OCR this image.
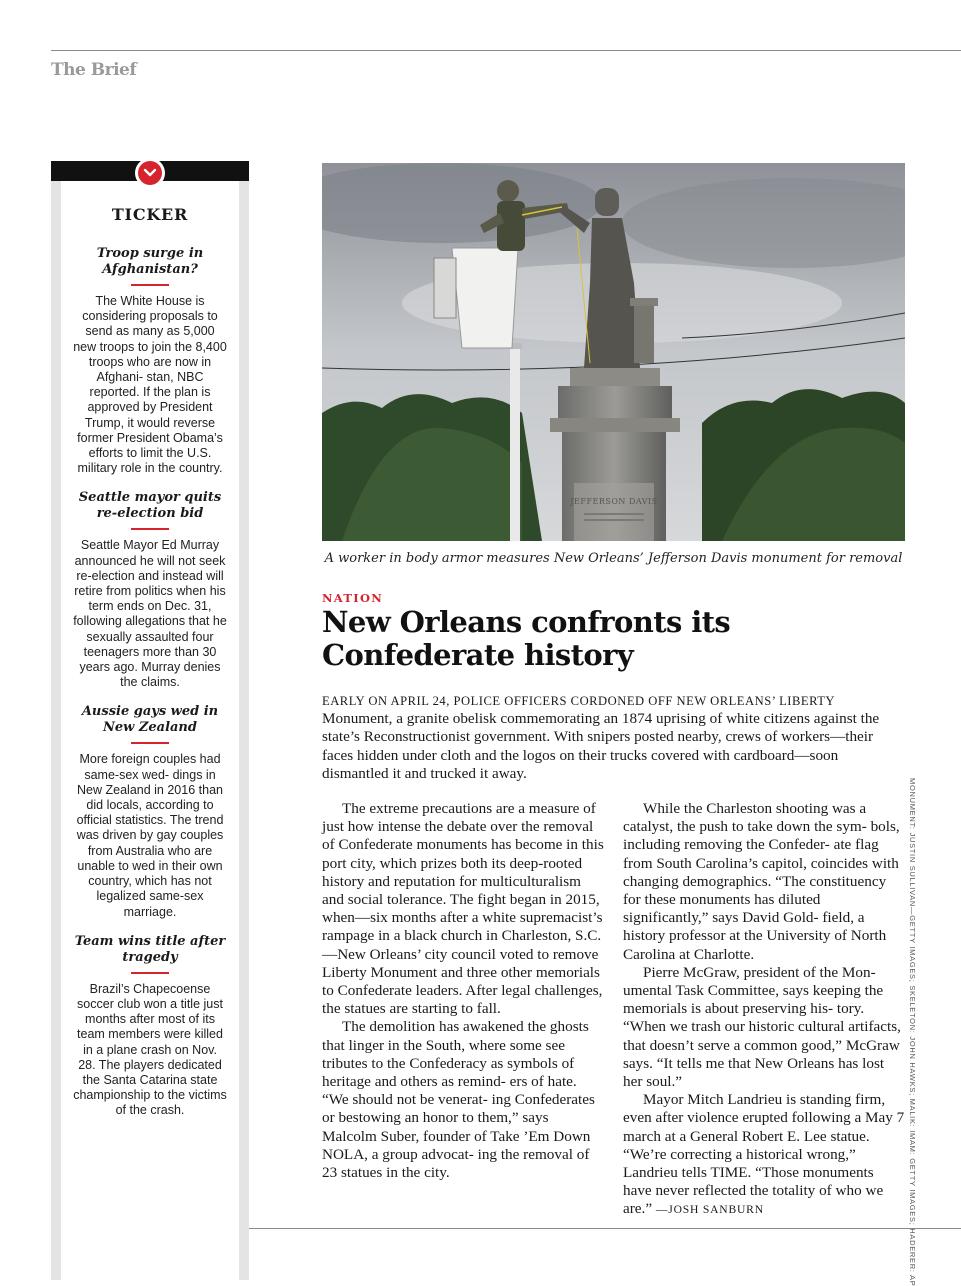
The Brief
TICKER
Troop surge in Afghanistan?
The White House is considering proposals to send as many as 5,000 new troops to join the 8,400 troops who are now in Afghani- stan, NBC reported. If the plan is approved by President Trump, it would reverse former President Obama’s efforts to limit the U.S. military role in the country.
Seattle mayor quits re-election bid
Seattle Mayor Ed Murray announced he will not seek re-election and instead will retire from politics when his term ends on Dec. 31, following allegations that he sexually assaulted four teenagers more than 30 years ago. Murray denies the claims.
Aussie gays wed in New Zealand
More foreign couples had same-sex wed- dings in New Zealand in 2016 than did locals, according to official statistics. The trend was driven by gay couples from Australia who are unable to wed in their own country, which has not legalized same-sex marriage.
Team wins title after tragedy
Brazil’s Chapecoense soccer club won a title just months after most of its team members were killed in a plane crash on Nov. 28. The players dedicated the Santa Catarina state championship to the victims of the crash.
JEFFERSON DAVIS
A worker in body armor measures New Orleans’ Jefferson Davis monument for removal
NATION
New Orleans confronts its Confederate history
EARLY ON APRIL 24, POLICE OFFICERS CORDONED OFF NEW ORLEANS’ LIBERTY Monument, a granite obelisk commemorating an 1874 uprising of white citizens against the state’s Reconstructionist government. With snipers posted nearby, crews of workers—their faces hidden under cloth and the logos on their trucks covered with cardboard—soon dismantled it and trucked it away.

The extreme precautions are a measure of just how intense the debate over the removal of Confederate monuments has become in this port city, which prizes both its deep-rooted history and reputation for multiculturalism and social tolerance. The fight began in 2015, when—six months after a white supremacist’s rampage in a black church in Charleston, S.C.—New Orleans’ city council voted to remove Liberty Monument and three other memorials to Confederate leaders. After legal challenges, the statues are starting to fall.

The demolition has awakened the ghosts that linger in the South, where some see tributes to the Confederacy as symbols of heritage and others as remind- ers of hate. “We should not be venerat- ing Confederates or bestowing an honor to them,” says Malcolm Suber, founder of Take ’Em Down NOLA, a group advocat- ing the removal of 23 statues in the city.

While the Charleston shooting was a catalyst, the push to take down the sym- bols, including removing the Confeder- ate flag from South Carolina’s capitol, coincides with changing demographics. “The constituency for these monuments has diluted significantly,” says David Gold- field, a history professor at the University of North Carolina at Charlotte.

Pierre McGraw, president of the Mon- umental Task Committee, says keeping the memorials is about preserving his- tory. “When we trash our historic cultural artifacts, that doesn’t serve a common good,” McGraw says. “It tells me that New Orleans has lost her soul.”

Mayor Mitch Landrieu is standing firm, even after violence erupted following a May 7 march at a General Robert E. Lee statue. “We’re correcting a historical wrong,” Landrieu tells TIME. “Those monuments have never reflected the totality of who we are.” —JOSH SANBURN	MONUMENT: JUSTIN SULLIVAN—GETTY IMAGES; SKELETON: JOHN HAWKS; MALIK: IMAM: GETTY IMAGES; HADERER: AP
